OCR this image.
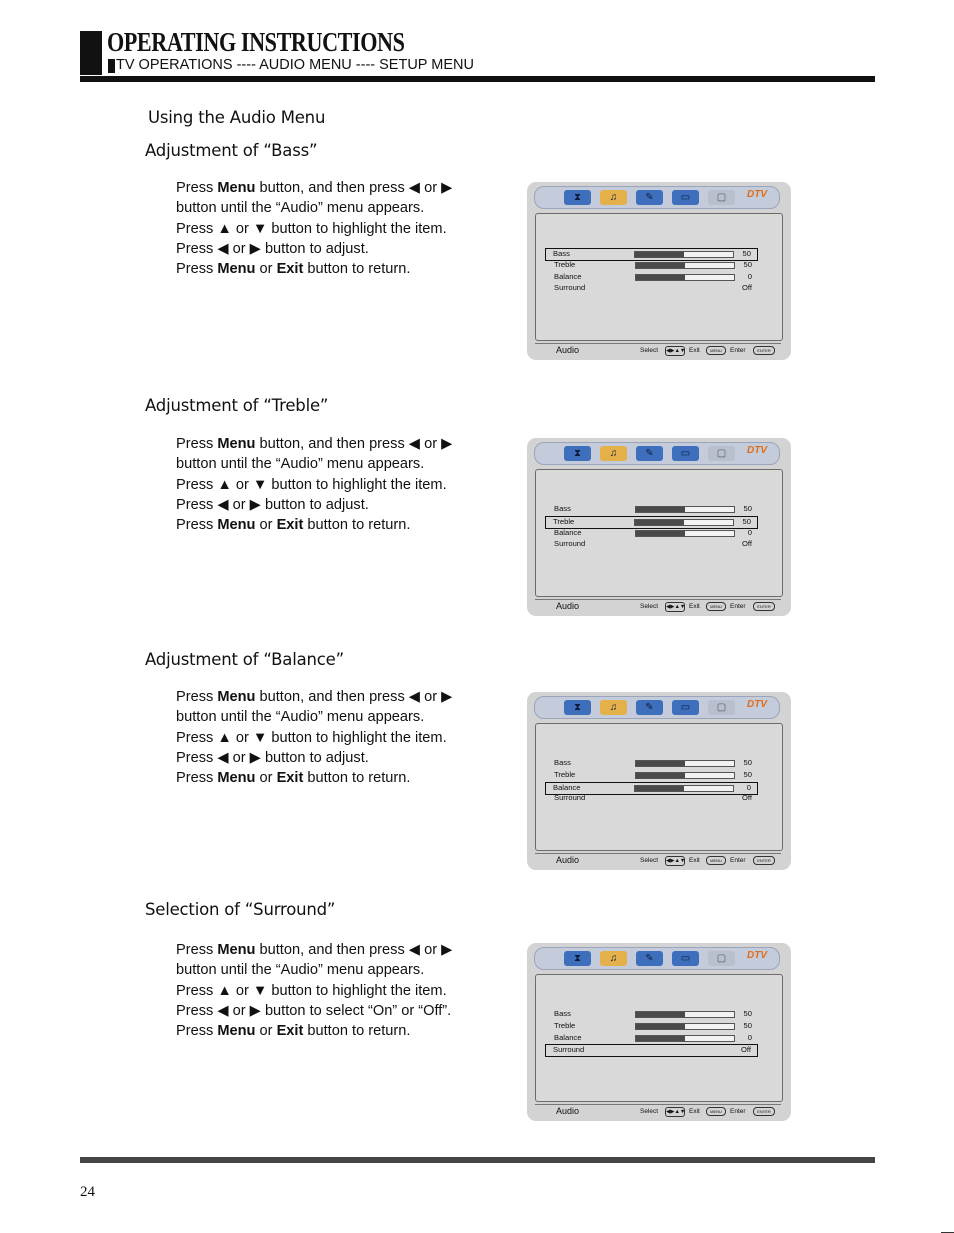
OPERATING INSTRUCTIONS
TV OPERATIONS ---- AUDIO MENU ---- SETUP MENU
Using the Audio Menu
Adjustment of “Bass”

Press Menu button, and then press ◀ or ▶ button until the “Audio” menu appears.

Press ▲ or ▼ button to highlight the item.

Press ◀ or ▶ button to adjust.

Press Menu or Exit button to return.

⧗	♫	✎	▭	▢	DTV
Bass	50
Treble	50
Balance	0
Surround	Off
Audio	Select ◀▶▲▼ Exit	MENU	Enter	ENTER
Adjustment of “Treble”

Press Menu button, and then press ◀ or ▶ button until the “Audio” menu appears.

Press ▲ or ▼ button to highlight the item.

Press ◀ or ▶ button to adjust.

Press Menu or Exit button to return.

⧗	♫	✎	▭	▢	DTV
Bass	50
Treble	50
Balance	0
Surround	Off
Audio	Select ◀▶▲▼ Exit	MENU	Enter	ENTER
Adjustment of “Balance”

Press Menu button, and then press ◀ or ▶ button until the “Audio” menu appears.

Press ▲ or ▼ button to highlight the item.

Press ◀ or ▶ button to adjust.

Press Menu or Exit button to return.

⧗	♫	✎	▭	▢	DTV
Bass	50
Treble	50
Balance	0
Surround	Off
Audio	Select ◀▶▲▼ Exit	MENU	Enter	ENTER
Selection of “Surround”

Press Menu button, and then press ◀ or ▶ button until the “Audio” menu appears.

Press ▲ or ▼ button to highlight the item.

Press ◀ or ▶ button to select “On” or “Off”.

Press Menu or Exit button to return.

⧗	♫	✎	▭	▢	DTV
Bass	50
Treble	50
Balance	0
Surround	Off
Audio	Select ◀▶▲▼ Exit	MENU	Enter	ENTER
24
